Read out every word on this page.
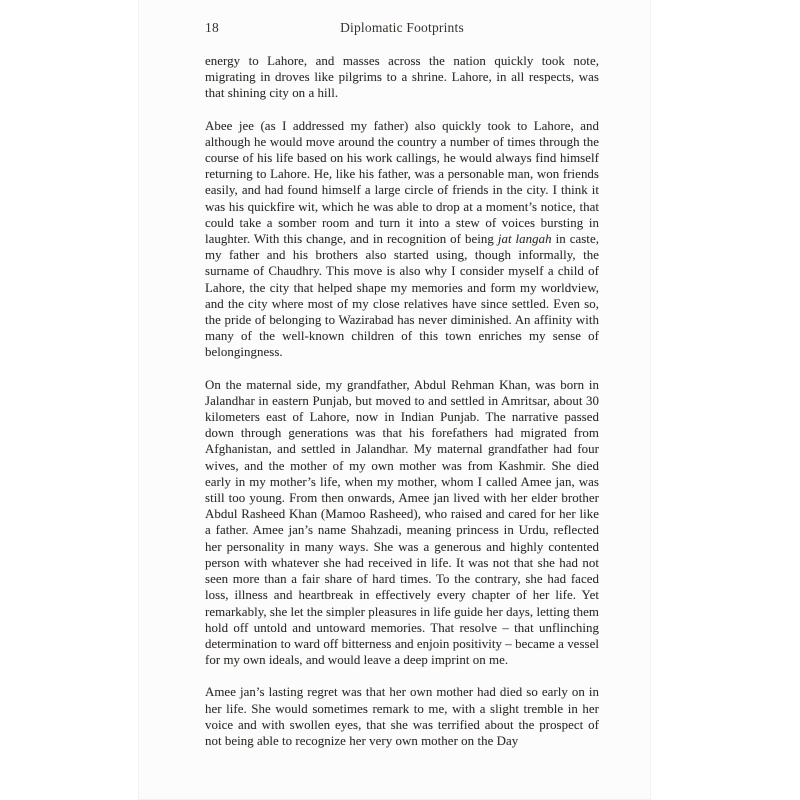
18	Diplomatic Footprints

energy to Lahore, and masses across the nation quickly took note, migrating in droves like pilgrims to a shrine. Lahore, in all respects, was that shining city on a hill.

Abee jee (as I addressed my father) also quickly took to Lahore, and although he would move around the country a number of times through the course of his life based on his work callings, he would always find himself returning to Lahore. He, like his father, was a personable man, won friends easily, and had found himself a large circle of friends in the city. I think it was his quickfire wit, which he was able to drop at a moment’s notice, that could take a somber room and turn it into a stew of voices bursting in laughter. With this change, and in recognition of being jat langah in caste, my father and his brothers also started using, though informally, the surname of Chaudhry. This move is also why I consider myself a child of Lahore, the city that helped shape my memories and form my worldview, and the city where most of my close relatives have since settled. Even so, the pride of belonging to Wazirabad has never diminished. An affinity with many of the well-known children of this town enriches my sense of belongingness.

On the maternal side, my grandfather, Abdul Rehman Khan, was born in Jalandhar in eastern Punjab, but moved to and settled in Amritsar, about 30 kilometers east of Lahore, now in Indian Punjab. The narrative passed down through generations was that his forefathers had migrated from Afghanistan, and settled in Jalandhar. My maternal grandfather had four wives, and the mother of my own mother was from Kashmir. She died early in my mother’s life, when my mother, whom I called Amee jan, was still too young. From then onwards, Amee jan lived with her elder brother Abdul Rasheed Khan (Mamoo Rasheed), who raised and cared for her like a father. Amee jan’s name Shahzadi, meaning princess in Urdu, reflected her personality in many ways. She was a generous and highly contented person with whatever she had received in life. It was not that she had not seen more than a fair share of hard times. To the contrary, she had faced loss, illness and heartbreak in effectively every chapter of her life. Yet remarkably, she let the simpler pleasures in life guide her days, letting them hold off untold and untoward memories. That resolve – that unflinching determination to ward off bitterness and enjoin positivity – became a vessel for my own ideals, and would leave a deep imprint on me.

Amee jan’s lasting regret was that her own mother had died so early on in her life. She would sometimes remark to me, with a slight tremble in her voice and with swollen eyes, that she was terrified about the prospect of not being able to recognize her very own mother on the Day
